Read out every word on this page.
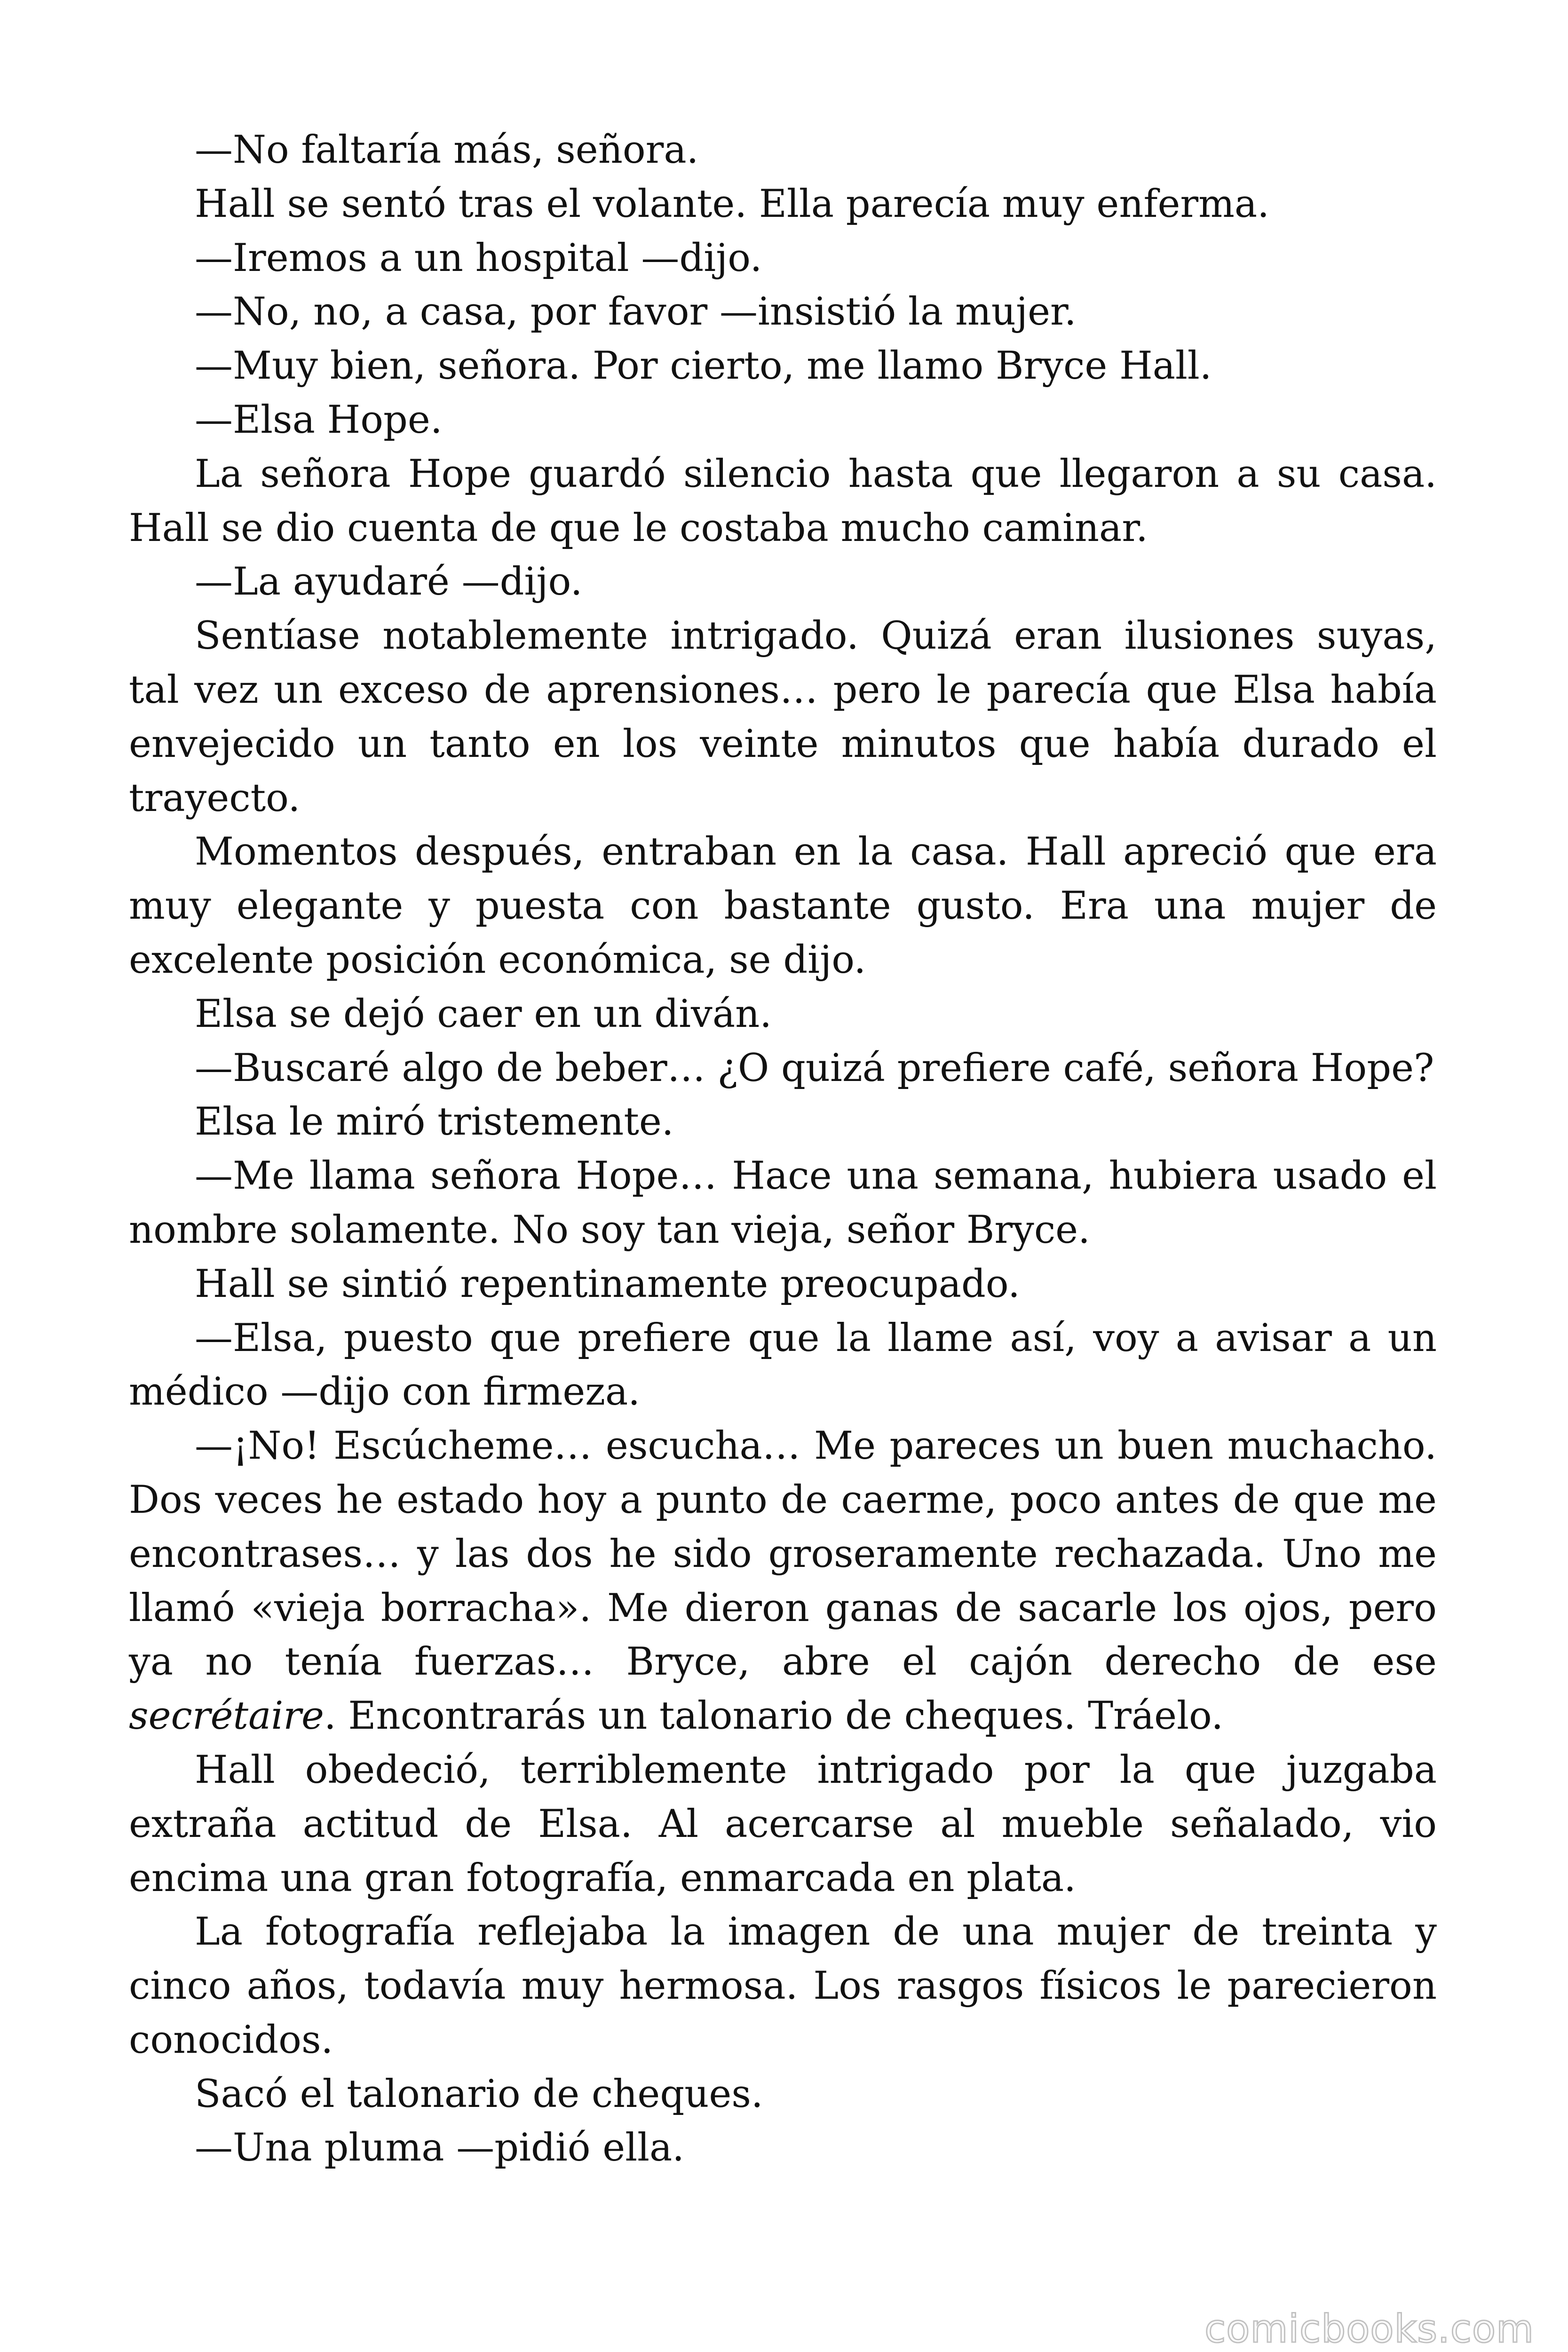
—No faltaría más, señora.

Hall se sentó tras el volante. Ella parecía muy enferma.

—Iremos a un hospital —dijo.

—No, no, a casa, por favor —insistió la mujer.

—Muy bien, señora. Por cierto, me llamo Bryce Hall.

—Elsa Hope.

La señora Hope guardó silencio hasta que llegaron a su casa. Hall se dio cuenta de que le costaba mucho caminar.

—La ayudaré —dijo.

Sentíase notablemente intrigado. Quizá eran ilusiones suyas, tal vez un exceso de aprensiones… pero le parecía que Elsa había envejecido un tanto en los veinte minutos que había durado el trayecto.

Momentos después, entraban en la casa. Hall apreció que era muy elegante y puesta con bastante gusto. Era una mujer de excelente posición económica, se dijo.

Elsa se dejó caer en un diván.

—Buscaré algo de beber… ¿O quizá prefiere café, señora Hope?

Elsa le miró tristemente.

—Me llama señora Hope… Hace una semana, hubiera usado el nombre solamente. No soy tan vieja, señor Bryce.

Hall se sintió repentinamente preocupado.

—Elsa, puesto que prefiere que la llame así, voy a avisar a un médico —dijo con firmeza.

—¡No! Escúcheme… escucha… Me pareces un buen muchacho. Dos veces he estado hoy a punto de caerme, poco antes de que me encontrases… y las dos he sido groseramente rechazada. Uno me llamó «vieja borracha». Me dieron ganas de sacarle los ojos, pero ya no tenía fuerzas… Bryce, abre el cajón derecho de ese secrétaire. Encontrarás un talonario de cheques. Tráelo.

Hall obedeció, terriblemente intrigado por la que juzgaba extraña actitud de Elsa. Al acercarse al mueble señalado, vio encima una gran fotografía, enmarcada en plata.

La fotografía reflejaba la imagen de una mujer de treinta y cinco años, todavía muy hermosa. Los rasgos físicos le parecieron conocidos.

Sacó el talonario de cheques.

—Una pluma —pidió ella.

comicbooks.com
